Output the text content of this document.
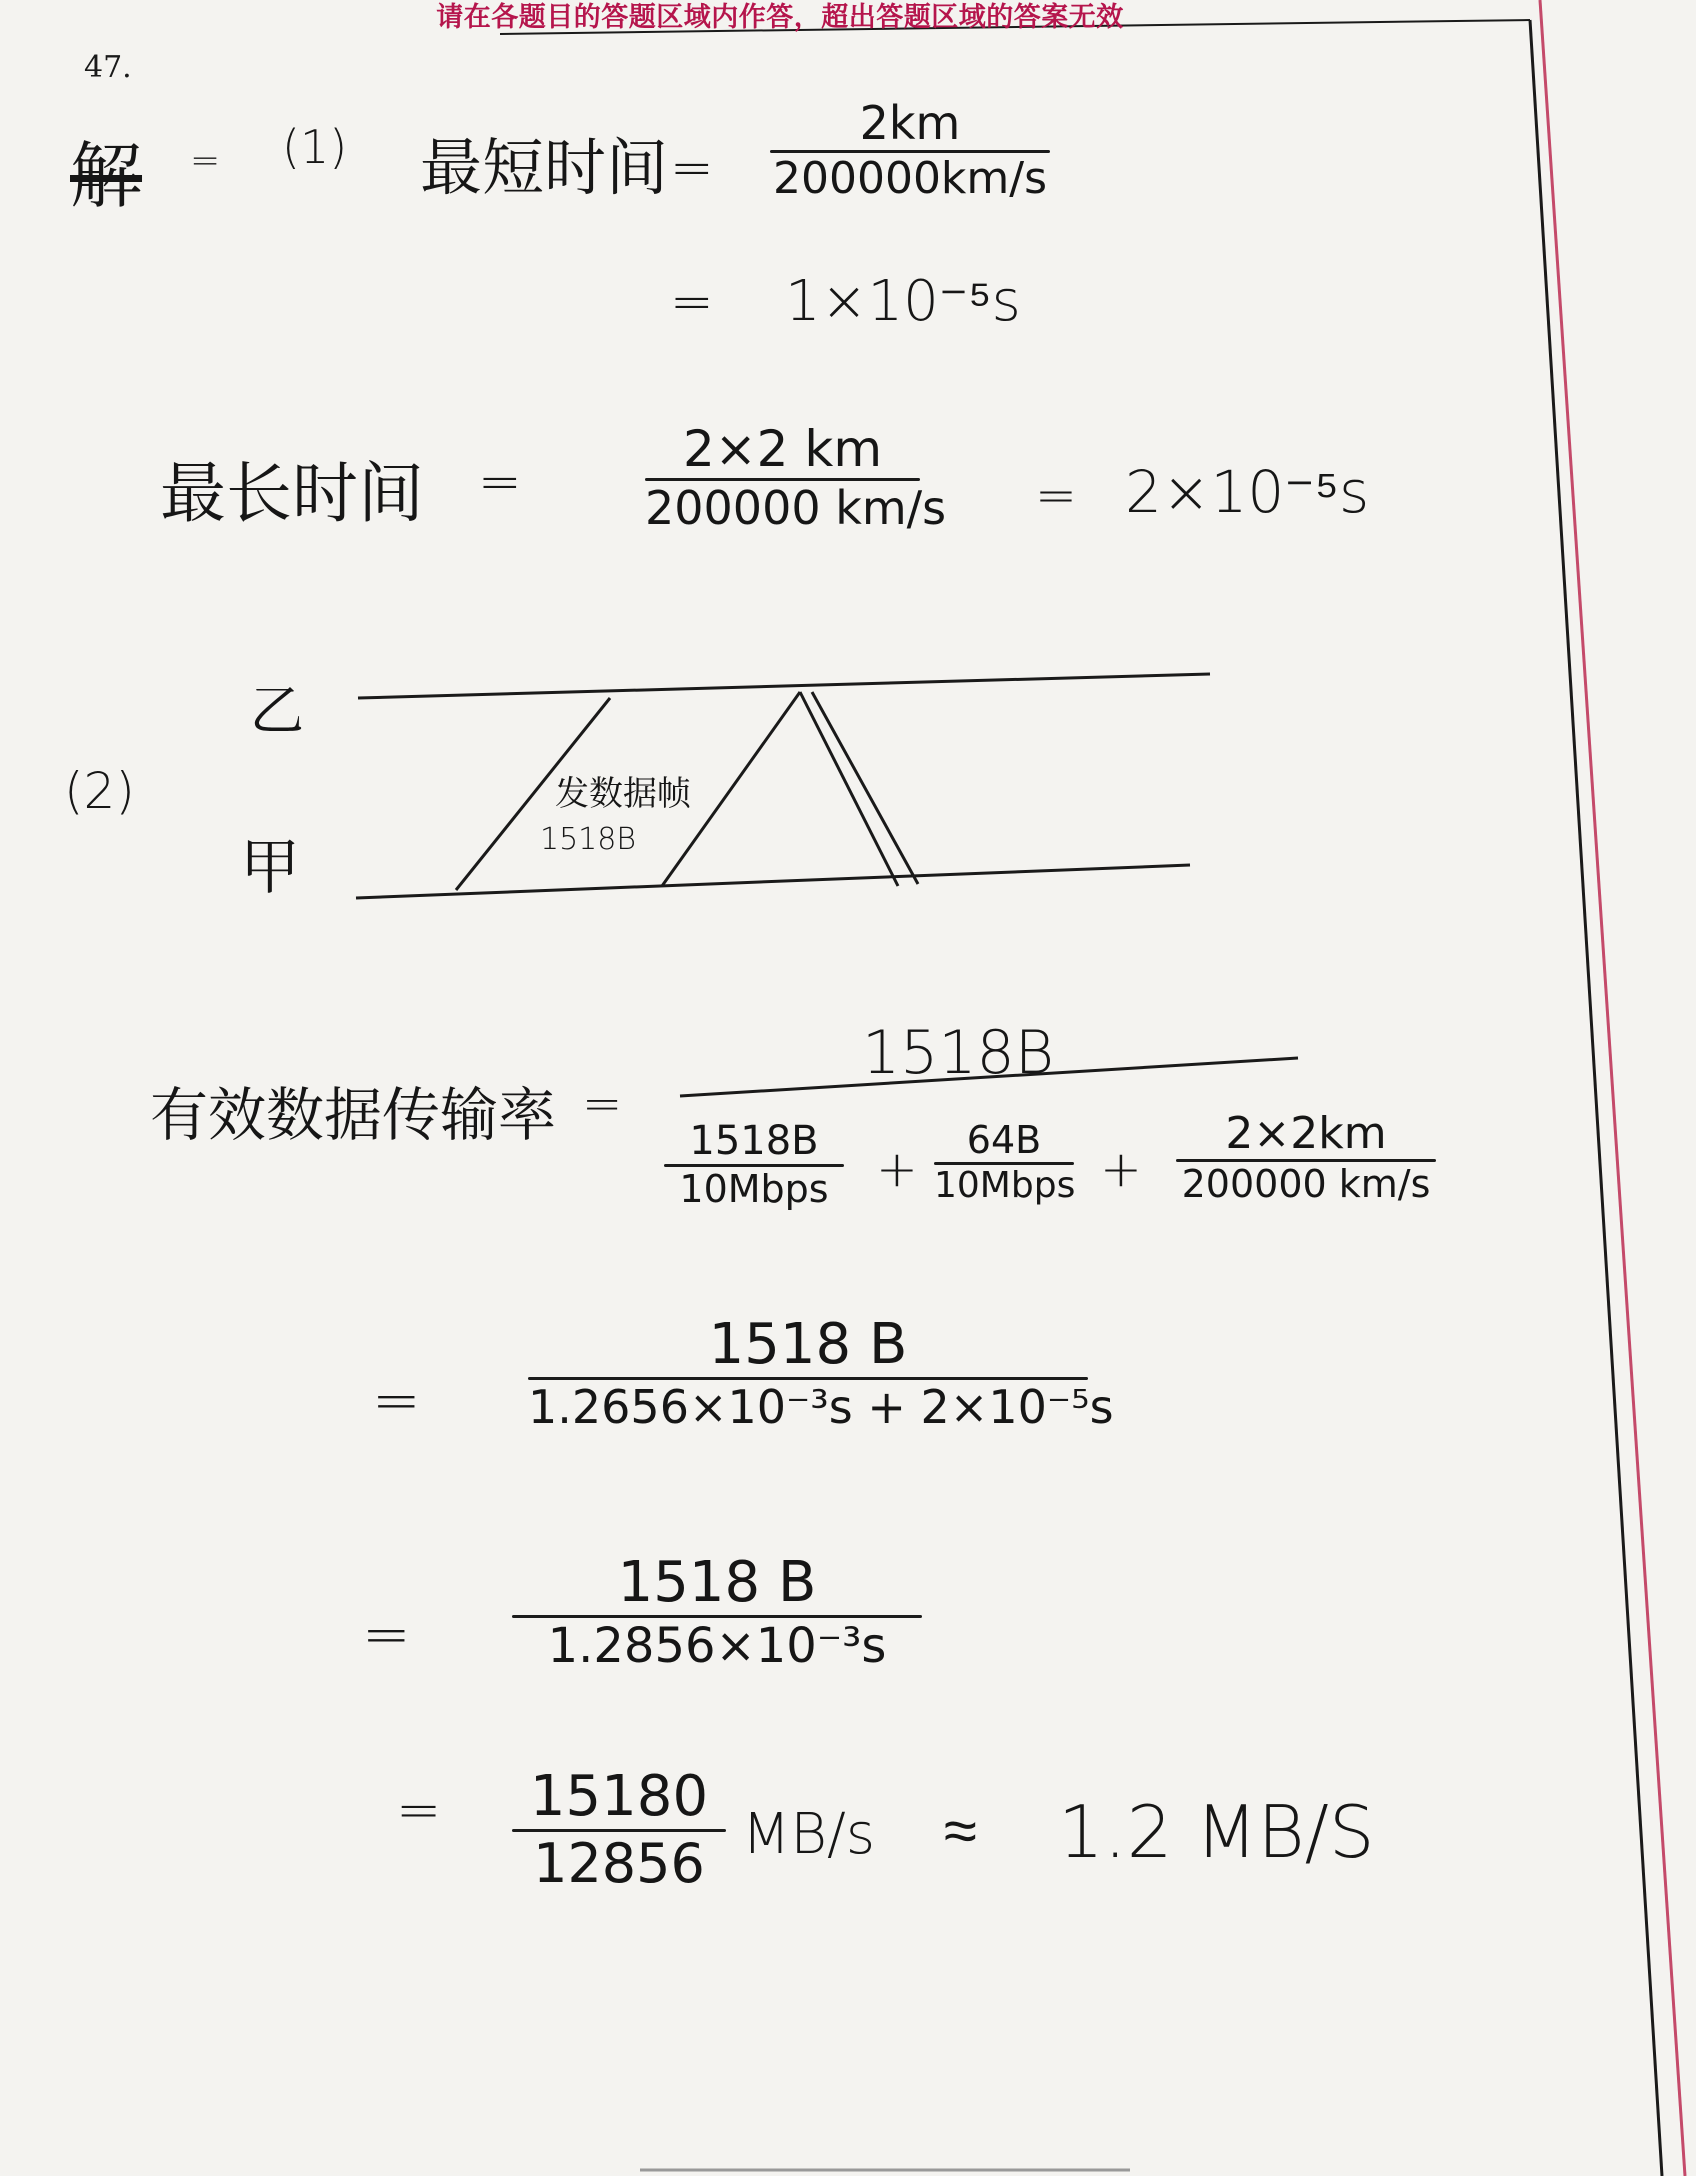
请在各题目的答题区域内作答，超出答题区域的答案无效
47.
解 = (1) 最短时间 =
2km
200000km/s
= 1×10⁻⁵s
最长时间 =
2×2 km
200000 km/s = 2×10⁻⁵s
(2)
乙
甲
发数据帧
1518B
有效数据传输率 =
1518B
1518B
10Mbps +	64B
10Mbps +
2×2km
200000 km/s
=
1518 B
1.2656×10⁻³s + 2×10⁻⁵s
=
1518 B
1.2856×10⁻³s
=	15180
12856 MB/s ≈ 1.2 MB/S
